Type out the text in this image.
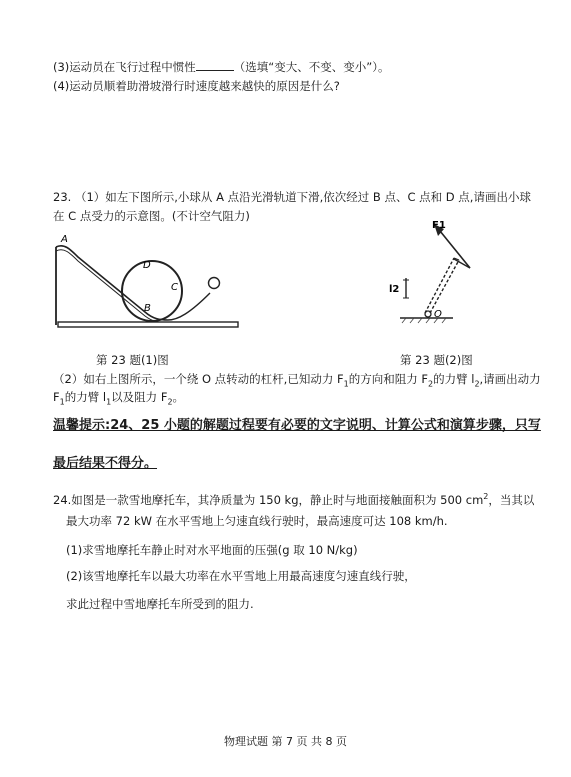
(3)运动员在飞行过程中惯性	（选填“变大、不变、变小”）。
(4)运动员顺着助滑坡滑行时速度越来越快的原因是什么?
23. （1）如左下图所示,小球从 A 点沿光滑轨道下滑,依次经过 B 点、C 点和 D 点,请画出小球
在 C 点受力的示意图。(不计空气阻力)
A
D
C
B
F1
l2
O
第 23 题(1)图	第 23 题(2)图
（2）如右上图所示，一个绕 O 点转动的杠杆,已知动力 $F_1$的方向和阻力 $F_2$的力臂 $l_2$,请画出动力
$F_1$的力臂 $l_1$以及阻力 $F_2$。
温馨提示:24、25 小题的解题过程要有必要的文字说明、计算公式和演算步骤，只写
最后结果不得分。
24.如图是一款雪地摩托车，其净质量为 150 kg，静止时与地面接触面积为 500 $cm^2$，当其以
最大功率 72 kW 在水平雪地上匀速直线行驶时，最高速度可达 108 km/h.
(1)求雪地摩托车静止时对水平地面的压强(g 取 10 N/kg)
(2)该雪地摩托车以最大功率在水平雪地上用最高速度匀速直线行驶，
求此过程中雪地摩托车所受到的阻力.
物理试题 第 7 页 共 8 页
